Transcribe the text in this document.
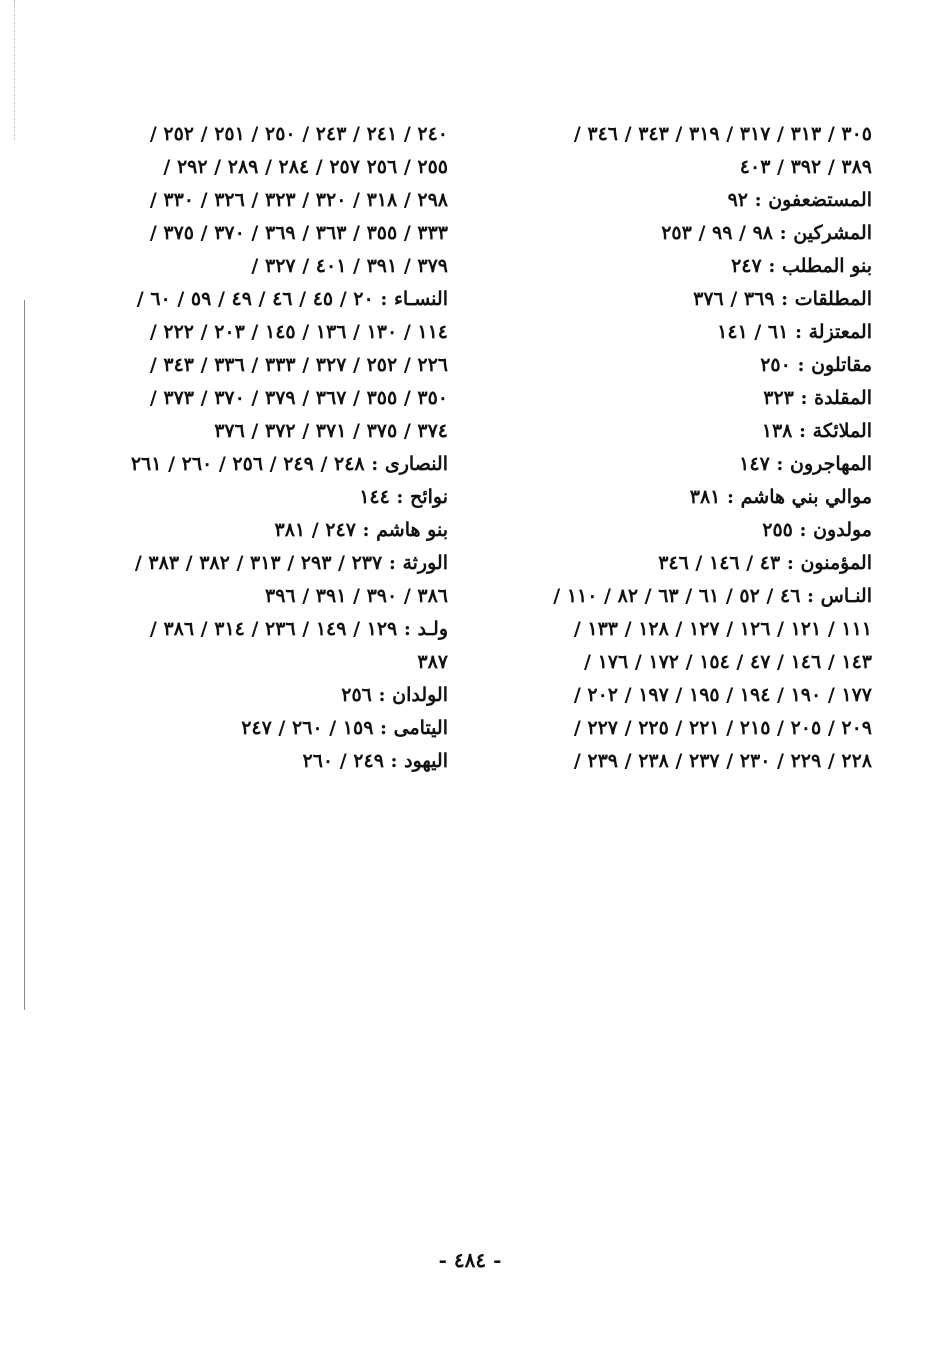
٣٠٥ / ٣١٣ / ٣١٧ / ٣١٩ / ٣٤٣ / ٣٤٦ /
٣٨٩ / ٣٩٢ / ٤٠٣
المستضعفون : ٩٢
المشركين : ٩٨ / ٩٩ / ٢٥٣
بنو المطلب : ٢٤٧
المطلقات : ٣٦٩ / ٣٧٦
المعتزلة : ٦١ / ١٤١
مقاتلون : ٢٥٠
المقلدة : ٣٢٣
الملائكة : ١٣٨
المهاجرون : ١٤٧
موالي بني هاشم : ٣٨١
مولدون : ٢٥٥
المؤمنون : ٤٣ / ١٤٦ / ٣٤٦
النـاس : ٤٦ / ٥٢ / ٦١ / ٦٣ / ٨٢ / ١١٠ /
١١١ / ١٢١ / ١٢٦ / ١٢٧ / ١٢٨ / ١٣٣ /
١٤٣ / ١٤٦ / ٤٧ / ١٥٤ / ١٧٢ / ١٧٦ /
١٧٧ / ١٩٠ / ١٩٤ / ١٩٥ / ١٩٧ / ٢٠٢ /
٢٠٩ / ٢٠٥ / ٢١٥ / ٢٢١ / ٢٢٥ / ٢٢٧ /
٢٢٨ / ٢٢٩ / ٢٣٠ / ٢٣٧ / ٢٣٨ / ٢٣٩ /
٢٤٠ / ٢٤١ / ٢٤٣ / ٢٥٠ / ٢٥١ / ٢٥٢ /
٢٥٥ / ٢٥٦ ٢٥٧ / ٢٨٤ / ٢٨٩ / ٢٩٢ /
٢٩٨ / ٣١٨ / ٣٢٠ / ٣٢٣ / ٣٢٦ / ٣٣٠ /
٣٣٣ / ٣٥٥ / ٣٦٣ / ٣٦٩ / ٣٧٠ / ٣٧٥ /
٣٧٩ / ٣٩١ / ٤٠١ / ٣٢٧ /
النسـاء : ٢٠ / ٤٥ / ٤٦ / ٤٩ / ٥٩ / ٦٠ /
١١٤ / ١٣٠ / ١٣٦ / ١٤٥ / ٢٠٣ / ٢٢٢ /
٢٢٦ / ٢٥٢ / ٣٢٧ / ٣٣٣ / ٣٣٦ / ٣٤٣ /
٣٥٠ / ٣٥٥ / ٣٦٧ / ٣٧٩ / ٣٧٠ / ٣٧٣ /
٣٧٤ / ٣٧٥ / ٣٧١ / ٣٧٢ / ٣٧٦
النصارى : ٢٤٨ / ٢٤٩ / ٢٥٦ / ٢٦٠ / ٢٦١
نوائح : ١٤٤
بنو هاشم : ٢٤٧ / ٣٨١
الورثة : ٢٣٧ / ٢٩٣ / ٣١٣ / ٣٨٢ / ٣٨٣ /
٣٨٦ / ٣٩٠ / ٣٩١ / ٣٩٦
ولـد : ١٢٩ / ١٤٩ / ٢٣٦ / ٣١٤ / ٣٨٦ /
٣٨٧
الولدان : ٢٥٦
اليتامى : ١٥٩ / ٢٦٠ / ٢٤٧
اليهود : ٢٤٩ / ٢٦٠
- ٤٨٤ -
